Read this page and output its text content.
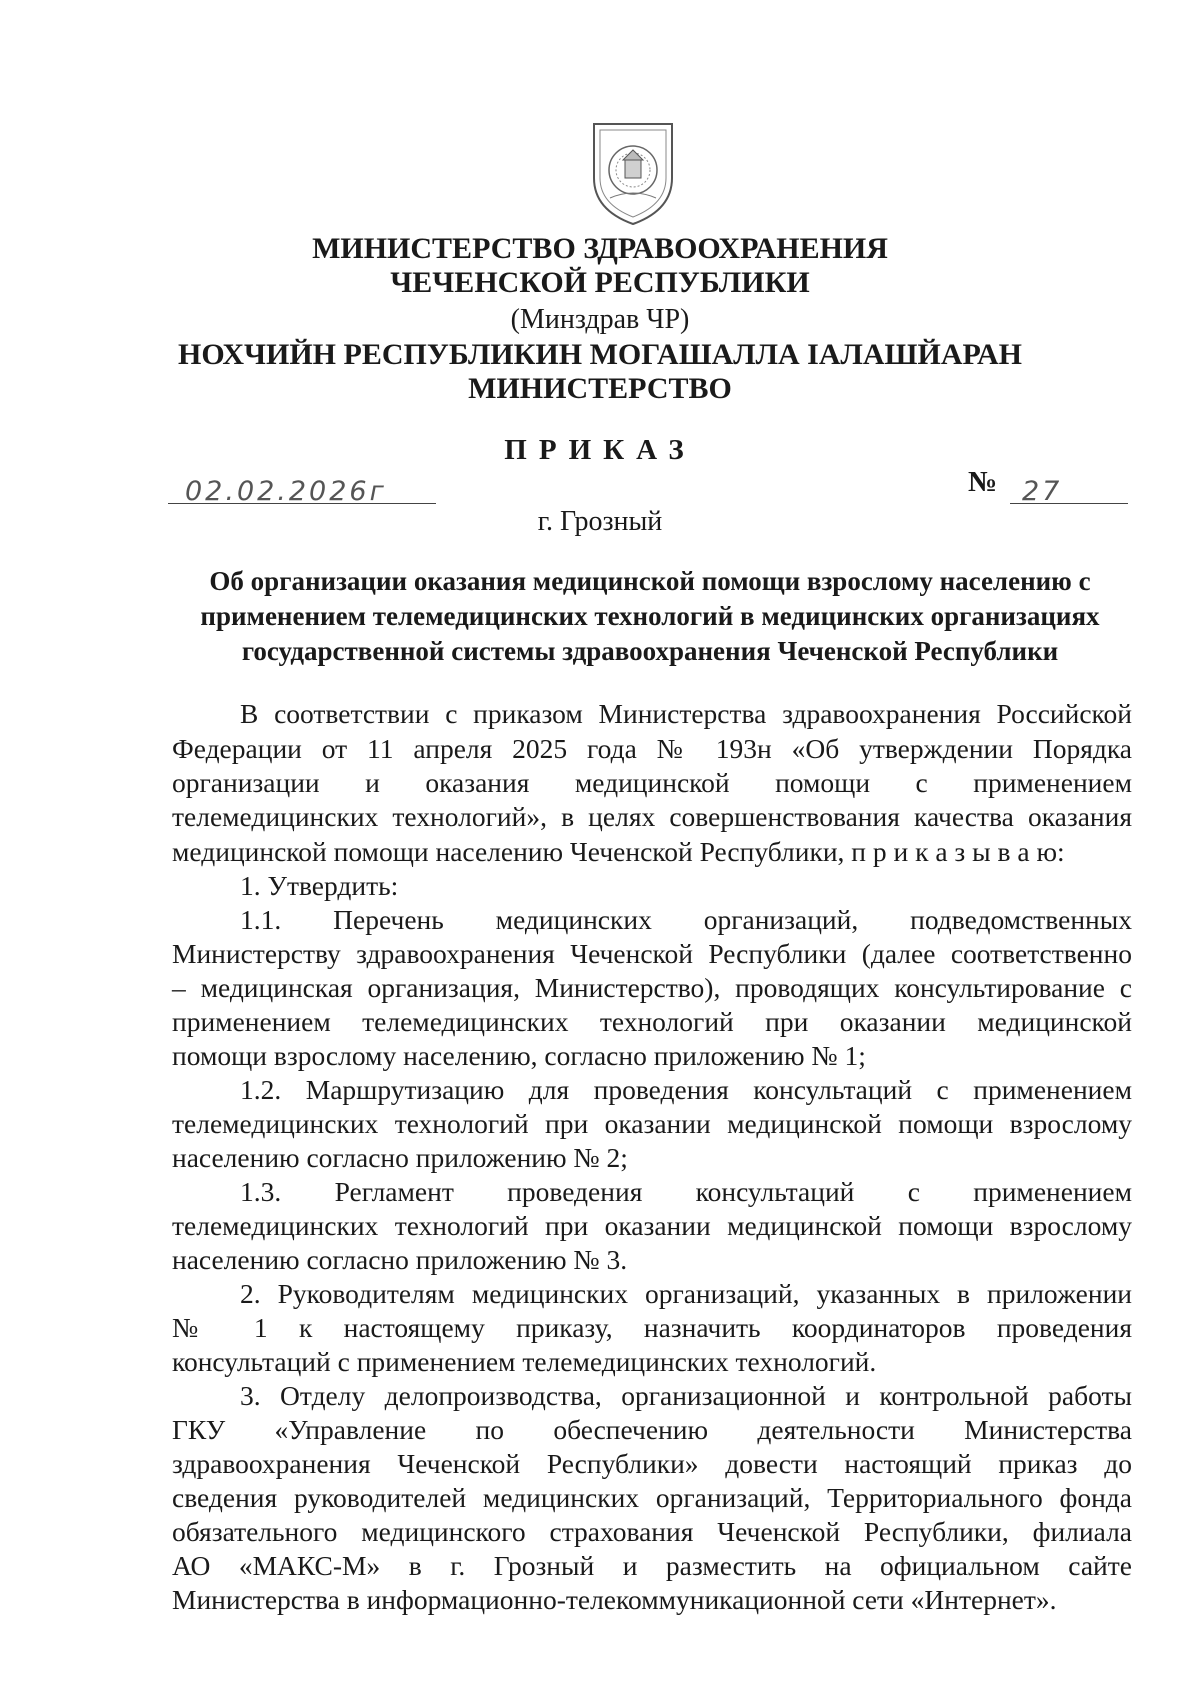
МИНИСТЕРСТВО ЗДРАВООХРАНЕНИЯ
ЧЕЧЕНСКОЙ РЕСПУБЛИКИ
(Минздрав ЧР)
НОХЧИЙН РЕСПУБЛИКИН МОГАШАЛЛА IАЛАШЙАРАН
МИНИСТЕРСТВО
ПРИКАЗ
02.02.2026г	№ 27
г. Грозный
Об организации оказания медицинской помощи взрослому населению с
применением телемедицинских технологий в медицинских организациях
государственной системы здравоохранения Чеченской Республики
В соответствии с приказом Министерства здравоохранения Российской
Федерации от 11 апреля 2025 года № 193н «Об утверждении Порядка
организации и оказания медицинской помощи с применением
телемедицинских технологий», в целях совершенствования качества оказания
медицинской помощи населению Чеченской Республики, п р и к а з ы в а ю:
1. Утвердить:
1.1. Перечень медицинских организаций, подведомственных
Министерству здравоохранения Чеченской Республики (далее соответственно
– медицинская организация, Министерство), проводящих консультирование с
применением телемедицинских технологий при оказании медицинской
помощи взрослому населению, согласно приложению № 1;
1.2. Маршрутизацию для проведения консультаций с применением
телемедицинских технологий при оказании медицинской помощи взрослому
населению согласно приложению № 2;
1.3. Регламент проведения консультаций с применением
телемедицинских технологий при оказании медицинской помощи взрослому
населению согласно приложению № 3.
2. Руководителям медицинских организаций, указанных в приложении
№ 1 к настоящему приказу, назначить координаторов проведения
консультаций с применением телемедицинских технологий.
3. Отделу делопроизводства, организационной и контрольной работы
ГКУ «Управление по обеспечению деятельности Министерства
здравоохранения Чеченской Республики» довести настоящий приказ до
сведения руководителей медицинских организаций, Территориального фонда
обязательного медицинского страхования Чеченской Республики, филиала
АО «МАКС-М» в г. Грозный и разместить на официальном сайте
Министерства в информационно-телекоммуникационной сети «Интернет».
